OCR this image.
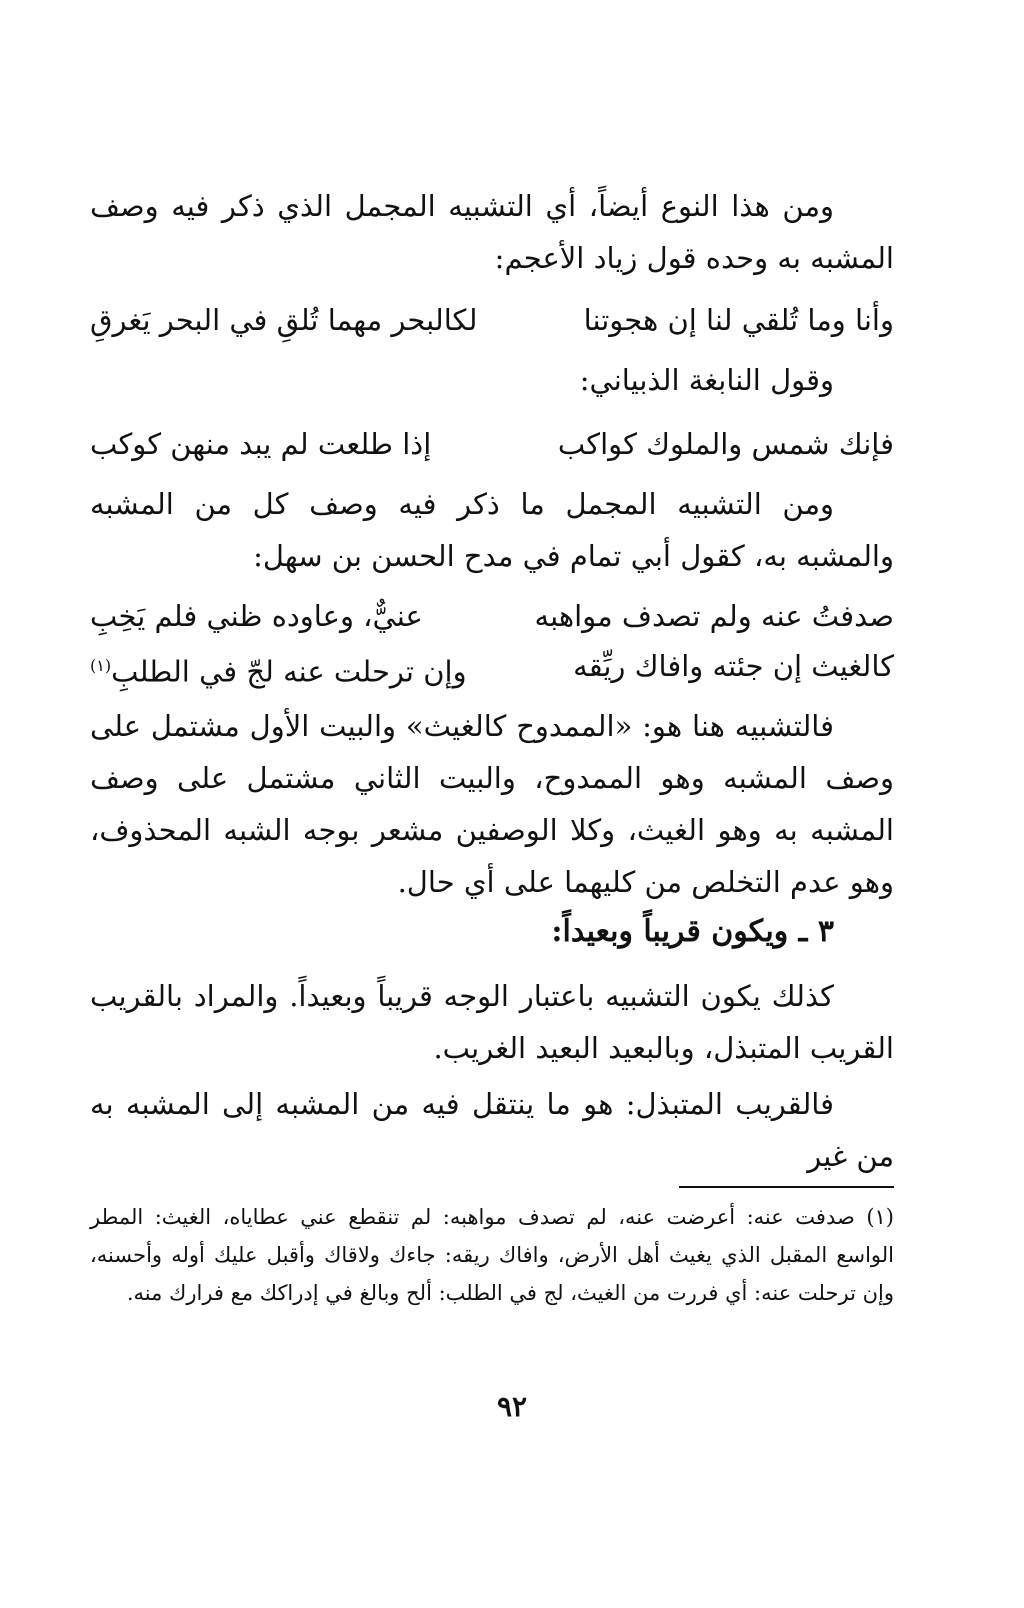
ومن هذا النوع أيضاً، أي التشبيه المجمل الذي ذكر فيه وصف المشبه به وحده قول زياد الأعجم:
وأنا وما تُلقي لنا إن هجوتنا
لكالبحر مهما تُلقِ في البحر يَغرقِ
وقول النابغة الذبياني:
فإنك شمس والملوك كواكب
إذا طلعت لم يبد منهن كوكب
ومن التشبيه المجمل ما ذكر فيه وصف كل من المشبه والمشبه به، كقول أبي تمام في مدح الحسن بن سهل:
صدفتُ عنه ولم تصدف مواهبه
عنيٌّ، وعاوده ظني فلم يَخِبِ
كالغيث إن جئته وافاك ريِّقه
وإن ترحلت عنه لجّ في الطلبِ$^{(١)}$
فالتشبيه هنا هو: «الممدوح كالغيث» والبيت الأول مشتمل على وصف المشبه وهو الممدوح، والبيت الثاني مشتمل على وصف المشبه به وهو الغيث، وكلا الوصفين مشعر بوجه الشبه المحذوف، وهو عدم التخلص من كليهما على أي حال.
٣ ـ ويكون قريباً وبعيداً:
كذلك يكون التشبيه باعتبار الوجه قريباً وبعيداً. والمراد بالقريب القريب المتبذل، وبالبعيد البعيد الغريب.
فالقريب المتبذل: هو ما ينتقل فيه من المشبه إلى المشبه به من غير
(١) صدفت عنه: أعرضت عنه، لم تصدف مواهبه: لم تنقطع عني عطاياه، الغيث: المطر الواسع المقبل الذي يغيث أهل الأرض، وافاك ريقه: جاءك ولاقاك وأقبل عليك أوله وأحسنه، وإن ترحلت عنه: أي فررت من الغيث، لج في الطلب: ألح وبالغ في إدراكك مع فرارك منه.
٩٢
